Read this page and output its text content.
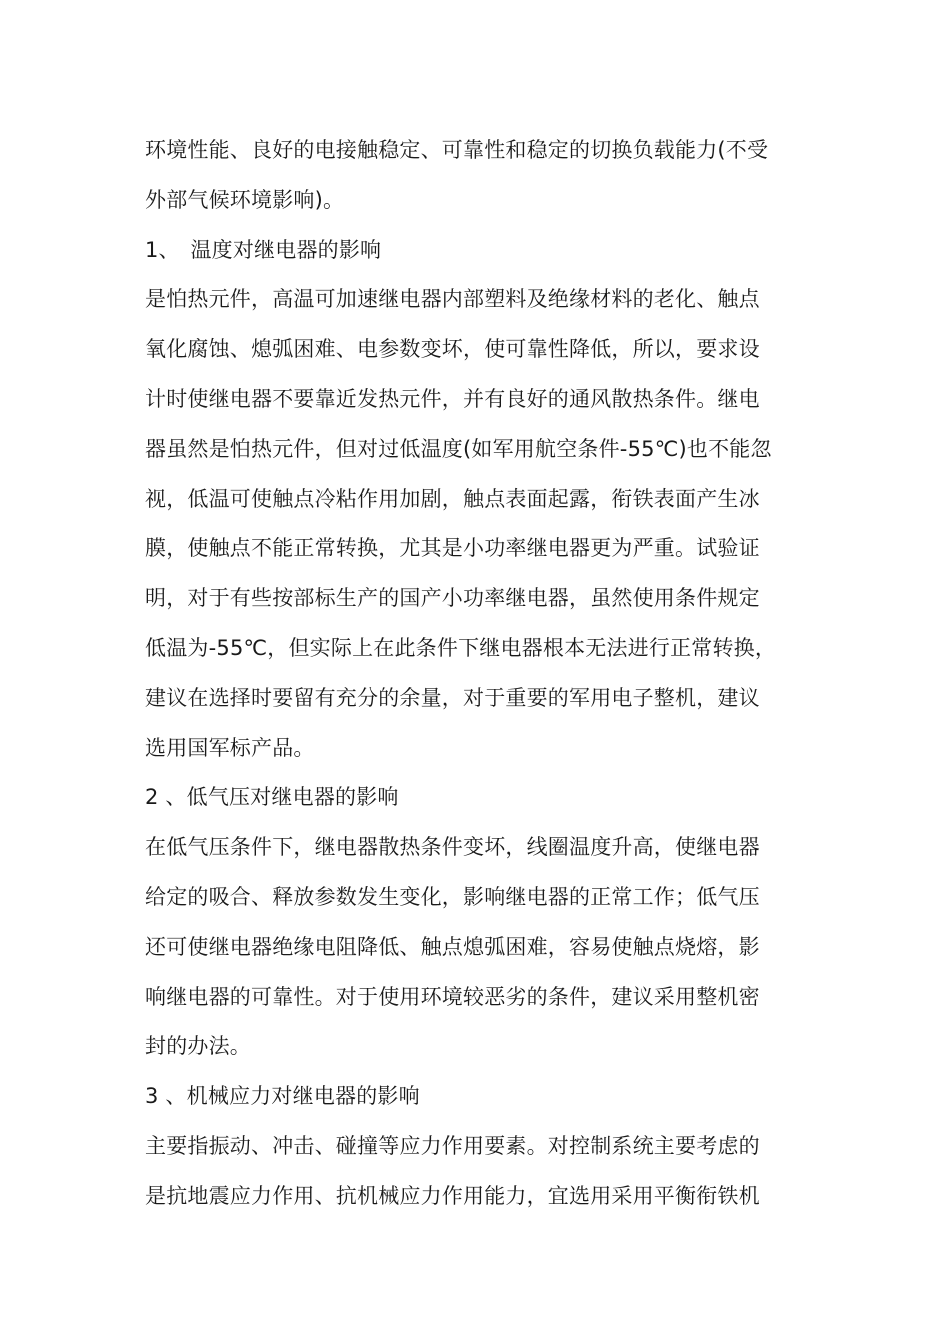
环境性能、良好的电接触稳定、可靠性和稳定的切换负载能力(不受
外部气候环境影响)。
1、　温度对继电器的影响
是怕热元件，高温可加速继电器内部塑料及绝缘材料的老化、触点
氧化腐蚀、熄弧困难、电参数变坏，使可靠性降低，所以，要求设
计时使继电器不要靠近发热元件，并有良好的通风散热条件。继电
器虽然是怕热元件，但对过低温度(如军用航空条件-55℃)也不能忽
视，低温可使触点冷粘作用加剧，触点表面起露，衔铁表面产生冰
膜，使触点不能正常转换，尤其是小功率继电器更为严重。试验证
明，对于有些按部标生产的国产小功率继电器，虽然使用条件规定
低温为-55℃，但实际上在此条件下继电器根本无法进行正常转换，
建议在选择时要留有充分的余量，对于重要的军用电子整机，建议
选用国军标产品。
2 、低气压对继电器的影响
在低气压条件下，继电器散热条件变坏，线圈温度升高，使继电器
给定的吸合、释放参数发生变化，影响继电器的正常工作；低气压
还可使继电器绝缘电阻降低、触点熄弧困难，容易使触点烧熔，影
响继电器的可靠性。对于使用环境较恶劣的条件，建议采用整机密
封的办法。
3 、机械应力对继电器的影响
主要指振动、冲击、碰撞等应力作用要素。对控制系统主要考虑的
是抗地震应力作用、抗机械应力作用能力，宜选用采用平衡衔铁机
